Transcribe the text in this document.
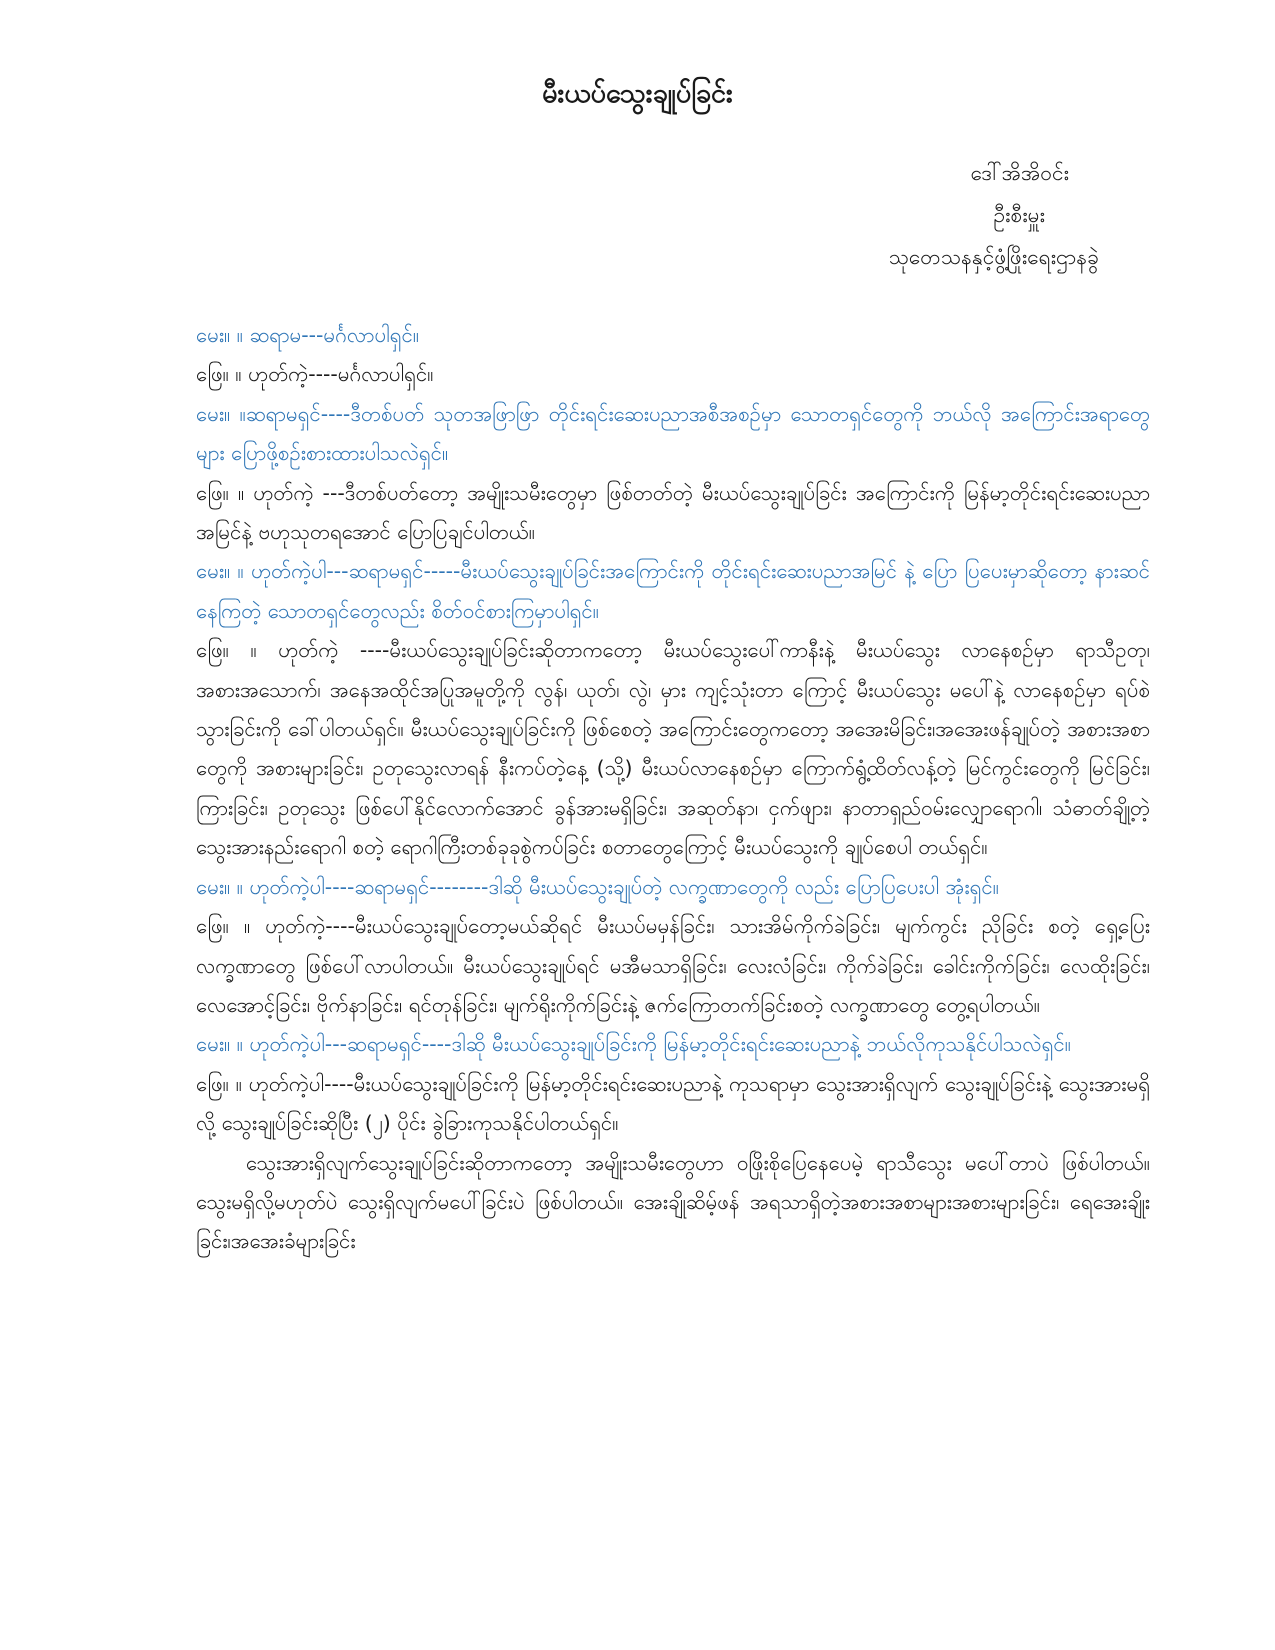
မီးယပ်သွေးချုပ်ခြင်း
ဒေါ်အိအိဝင်း
ဦးစီးမှူး
သုတေသနနှင့်ဖွံ့ဖြိုးရေးဌာနခွဲ

မေး။ ။ ဆရာမ---မင်္ဂလာပါရှင်။

ဖြေ။ ။ ဟုတ်ကဲ့----မင်္ဂလာပါရှင်။

မေး။ ။ဆရာမရှင်----ဒီတစ်ပတ် သုတအဖြာဖြာ တိုင်းရင်းဆေးပညာအစီအစဥ်မှာ သောတရှင်တွေကို ဘယ်လို အကြောင်းအရာတွေများ ပြောဖို့စဥ်းစားထားပါသလဲရှင်။

ဖြေ။ ။ ဟုတ်ကဲ့ ---ဒီတစ်ပတ်တော့ အမျိုးသမီးတွေမှာ ဖြစ်တတ်တဲ့ မီးယပ်သွေးချုပ်ခြင်း အကြောင်းကို မြန်မာ့တိုင်းရင်းဆေးပညာအမြင်နဲ့ ဗဟုသုတရအောင် ပြောပြချင်ပါတယ်။

မေး။ ။ ဟုတ်ကဲ့ပါ---ဆရာမရှင်-----မီးယပ်သွေးချုပ်ခြင်းအကြောင်းကို တိုင်းရင်းဆေးပညာအမြင် နဲ့ ပြော ပြပေးမှာဆိုတော့ နားဆင်နေကြတဲ့ သောတရှင်တွေလည်း စိတ်ဝင်စားကြမှာပါရှင်။

ဖြေ။ ။ ဟုတ်ကဲ့ ----မီးယပ်သွေးချုပ်ခြင်းဆိုတာကတော့ မီးယပ်သွေးပေါ်ကာနီးနဲ့ မီးယပ်သွေး လာနေစဉ်မှာ ရာသီဥတု၊ အစားအသောက်၊ အနေအထိုင်အပြုအမူတို့ကို လွန်၊ ယုတ်၊ လွဲ၊ မှား ကျင့်သုံးတာ ကြောင့် မီးယပ်သွေး မပေါ်နဲ့ လာနေစဉ်မှာ ရပ်စဲသွားခြင်းကို ခေါ်ပါတယ်ရှင်။ မီးယပ်သွေးချုပ်ခြင်းကို ဖြစ်စေတဲ့ အကြောင်းတွေကတော့ အအေးမိခြင်း၊အအေးဖန်ချုပ်တဲ့ အစားအစာတွေကို အစားများခြင်း၊ ဥတုသွေးလာရန် နီးကပ်တဲ့နေ့ (သို့) မီးယပ်လာနေစဥ်မှာ ကြောက်ရွံ့ထိတ်လန့်တဲ့ မြင်ကွင်းတွေကို မြင်ခြင်း၊ ကြားခြင်း၊ ဥတုသွေး ဖြစ်ပေါ်နိုင်လောက်အောင် ခွန်အားမရှိခြင်း၊ အဆုတ်နာ၊ ငှက်ဖျား၊ နာတာရှည်ဝမ်းလျှောရောဂါ၊ သံဓာတ်ချို့တဲ့ သွေးအားနည်းရောဂါ စတဲ့ ရောဂါကြီးတစ်ခုခုစွဲကပ်ခြင်း စတာတွေကြောင့် မီးယပ်သွေးကို ချုပ်စေပါ တယ်ရှင်။

မေး။ ။ ဟုတ်ကဲ့ပါ----ဆရာမရှင်--------ဒါဆို မီးယပ်သွေးချုပ်တဲ့ လက္ခဏာတွေကို လည်း ပြောပြပေးပါ အုံးရှင်။

ဖြေ။ ။ ဟုတ်ကဲ့----မီးယပ်သွေးချုပ်တော့မယ်ဆိုရင် မီးယပ်မမှန်ခြင်း၊ သားအိမ်ကိုက်ခဲခြင်း၊ မျက်ကွင်း ညိုခြင်း စတဲ့ ရှေ့ပြေးလက္ခဏာတွေ ဖြစ်ပေါ်လာပါတယ်။ မီးယပ်သွေးချုပ်ရင် မအီမသာရှိခြင်း၊ လေးလံခြင်း၊ ကိုက်ခဲခြင်း၊ ခေါင်းကိုက်ခြင်း၊ လေထိုးခြင်း၊လေအောင့်ခြင်း၊ ဗိုက်နာခြင်း၊ ရင်တုန်ခြင်း၊ မျက်ရိုးကိုက်ခြင်းနဲ့ ဇက်ကြောတက်ခြင်းစတဲ့ လက္ခဏာတွေ တွေ့ရပါတယ်။

မေး။ ။ ဟုတ်ကဲ့ပါ---ဆရာမရှင်----ဒါဆို မီးယပ်သွေးချုပ်ခြင်းကို မြန်မာ့တိုင်းရင်းဆေးပညာနဲ့ ဘယ်လိုကုသနိုင်ပါသလဲရှင်။

ဖြေ။ ။ ဟုတ်ကဲ့ပါ----မီးယပ်သွေးချုပ်ခြင်းကို မြန်မာ့တိုင်းရင်းဆေးပညာနဲ့ ကုသရာမှာ သွေးအားရှိလျက် သွေးချုပ်ခြင်းနဲ့ သွေးအားမရှိလို့ သွေးချုပ်ခြင်းဆိုပြီး (၂) ပိုင်း ခွဲခြားကုသနိုင်ပါတယ်ရှင်။

သွေးအားရှိလျက်သွေးချုပ်ခြင်းဆိုတာကတော့ အမျိုးသမီးတွေဟာ ဝဖြိုးစိုပြေနေပေမဲ့ ရာသီသွေး မပေါ်တာပဲ ဖြစ်ပါတယ်။ သွေးမရှိလို့မဟုတ်ပဲ သွေးရှိလျက်မပေါ်ခြင်းပဲ ဖြစ်ပါတယ်။ အေးချိုဆိမ့်ဖန် အရသာရှိတဲ့အစားအစာများအစားများခြင်း၊ ရေအေးချိုးခြင်း၊အအေးခံများခြင်း
